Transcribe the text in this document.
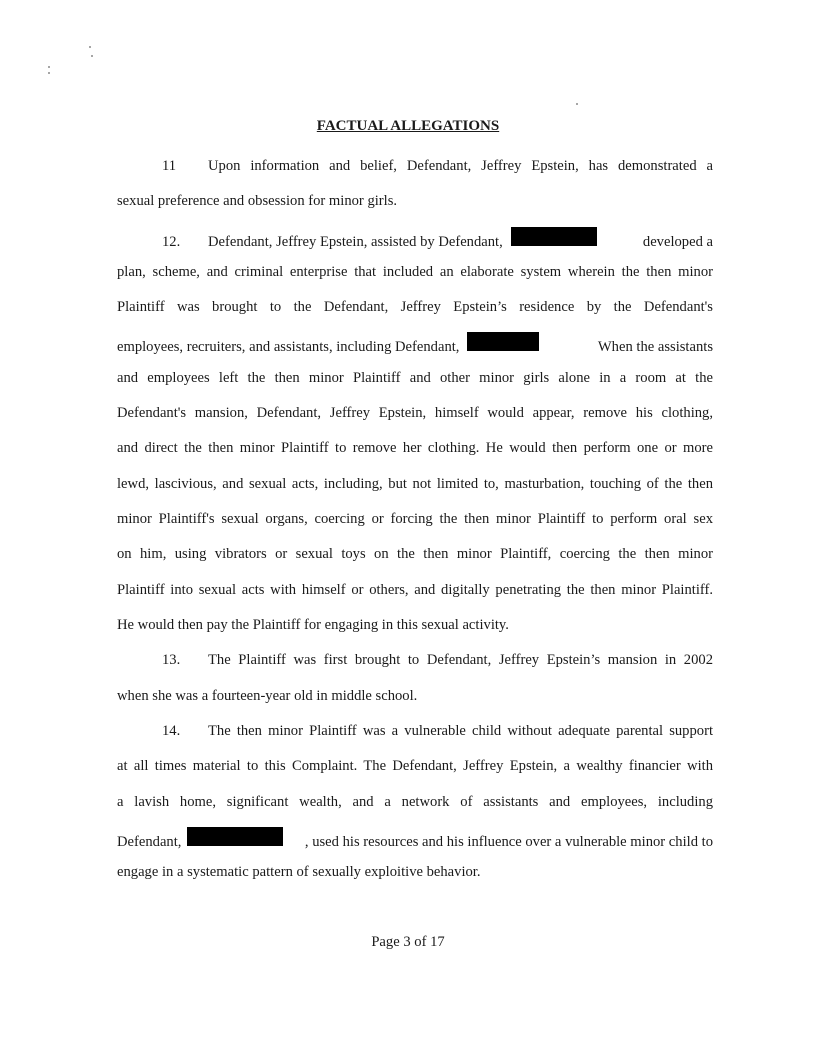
FACTUAL ALLEGATIONS
11 Upon information and belief, Defendant, Jeffrey Epstein, has demonstrated a
sexual preference and obsession for minor girls.
12.	Defendant, Jeffrey Epstein, assisted by Defendant,	developed a
plan, scheme, and criminal enterprise that included an elaborate system wherein the then minor
Plaintiff was brought to the Defendant, Jeffrey Epstein’s residence by the Defendant's
employees, recruiters, and assistants, including Defendant,	When the assistants
and employees left the then minor Plaintiff and other minor girls alone in a room at the
Defendant's mansion, Defendant, Jeffrey Epstein, himself would appear, remove his clothing,
and direct the then minor Plaintiff to remove her clothing. He would then perform one or more
lewd, lascivious, and sexual acts, including, but not limited to, masturbation, touching of the then
minor Plaintiff's sexual organs, coercing or forcing the then minor Plaintiff to perform oral sex
on him, using vibrators or sexual toys on the then minor Plaintiff, coercing the then minor
Plaintiff into sexual acts with himself or others, and digitally penetrating the then minor Plaintiff.
He would then pay the Plaintiff for engaging in this sexual activity.
13. The Plaintiff was first brought to Defendant, Jeffrey Epstein’s mansion in 2002
when she was a fourteen-year old in middle school.
14. The then minor Plaintiff was a vulnerable child without adequate parental support
at all times material to this Complaint. The Defendant, Jeffrey Epstein, a wealthy financier with
a lavish home, significant wealth, and a network of assistants and employees, including
Defendant,	, used his resources and his influence over a vulnerable minor child to
engage in a systematic pattern of sexually exploitive behavior.
Page 3 of 17
